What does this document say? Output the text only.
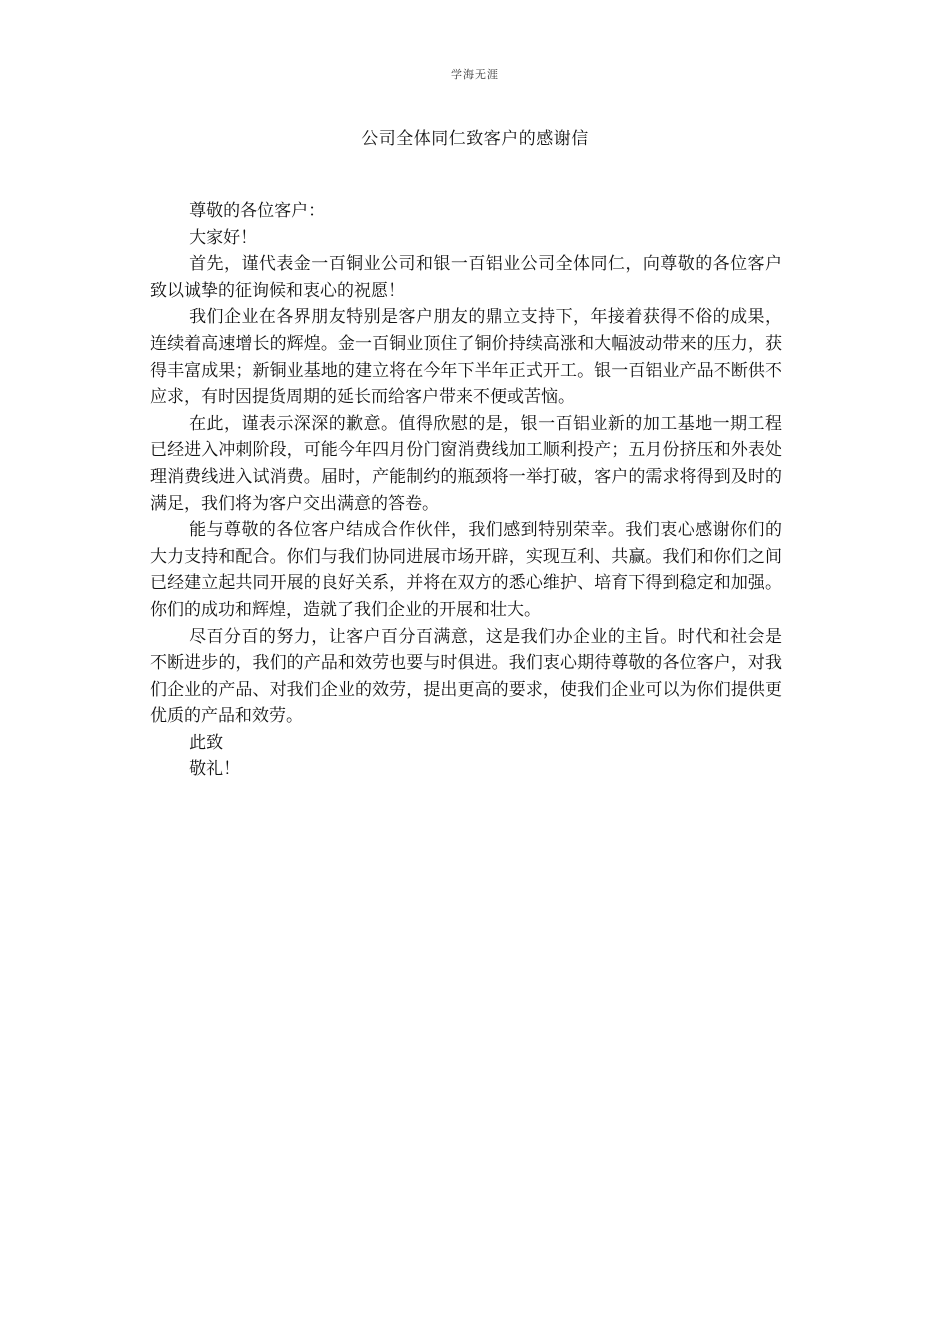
学海无涯
公司全体同仁致客户的感谢信

尊敬的各位客户：

大家好！

首先，谨代表金一百铜业公司和银一百铝业公司全体同仁，向尊敬的各位客户致以诚挚的征询候和衷心的祝愿！

我们企业在各界朋友特别是客户朋友的鼎立支持下，年接着获得不俗的成果，连续着高速增长的辉煌。金一百铜业顶住了铜价持续高涨和大幅波动带来的压力，获得丰富成果；新铜业基地的建立将在今年下半年正式开工。银一百铝业产品不断供不应求，有时因提货周期的延长而给客户带来不便或苦恼。

在此，谨表示深深的歉意。值得欣慰的是，银一百铝业新的加工基地一期工程已经进入冲刺阶段，可能今年四月份门窗消费线加工顺利投产；五月份挤压和外表处理消费线进入试消费。届时，产能制约的瓶颈将一举打破，客户的需求将得到及时的满足，我们将为客户交出满意的答卷。

能与尊敬的各位客户结成合作伙伴，我们感到特别荣幸。我们衷心感谢你们的大力支持和配合。你们与我们协同进展市场开辟，实现互利、共赢。我们和你们之间已经建立起共同开展的良好关系，并将在双方的悉心维护、培育下得到稳定和加强。你们的成功和辉煌，造就了我们企业的开展和壮大。

尽百分百的努力，让客户百分百满意，这是我们办企业的主旨。时代和社会是不断进步的，我们的产品和效劳也要与时俱进。我们衷心期待尊敬的各位客户，对我们企业的产品、对我们企业的效劳，提出更高的要求，使我们企业可以为你们提供更优质的产品和效劳。

此致

敬礼！
